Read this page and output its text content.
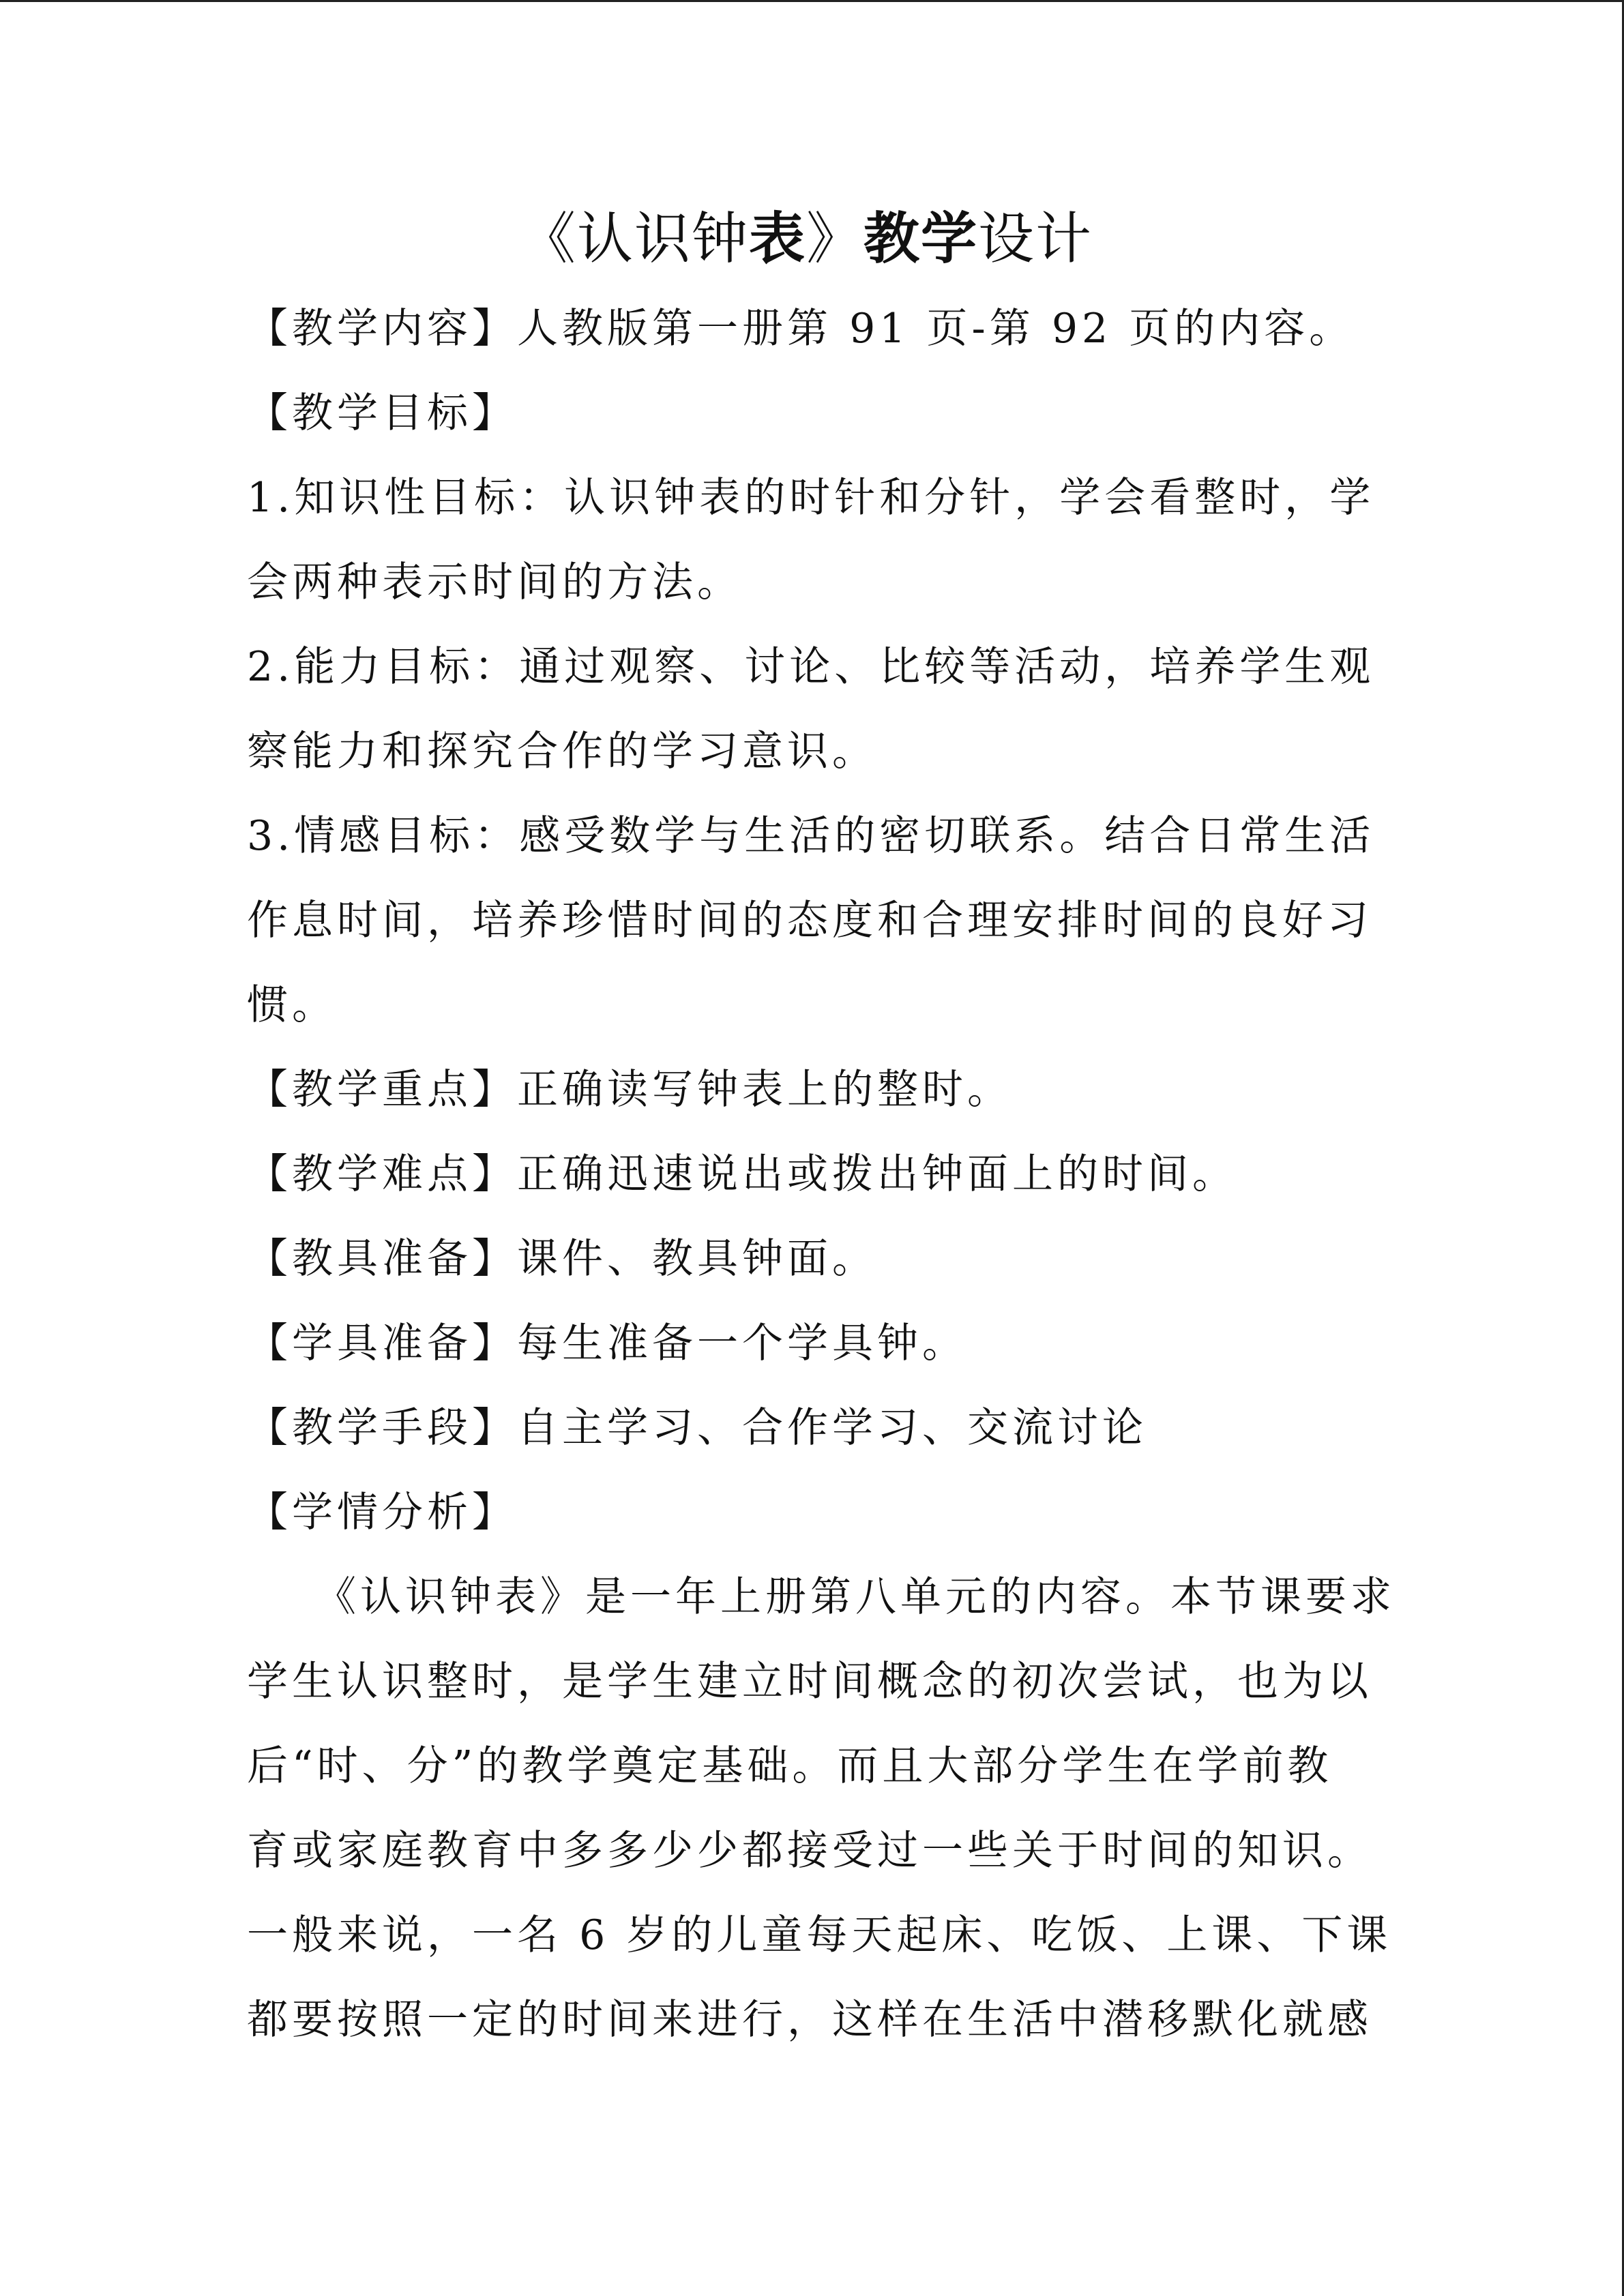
《认识钟表》教学设计

【教学内容】人教版第一册第 91 页-第 92 页的内容。

【教学目标】

1.知识性目标：认识钟表的时针和分针，学会看整时，学

会两种表示时间的方法。

2.能力目标：通过观察、讨论、比较等活动，培养学生观

察能力和探究合作的学习意识。

3.情感目标：感受数学与生活的密切联系。结合日常生活

作息时间，培养珍惜时间的态度和合理安排时间的良好习

惯。

【教学重点】正确读写钟表上的整时。

【教学难点】正确迅速说出或拨出钟面上的时间。

【教具准备】课件、教具钟面。

【学具准备】每生准备一个学具钟。

【教学手段】自主学习、合作学习、交流讨论

【学情分析】

《认识钟表》是一年上册第八单元的内容。本节课要求

学生认识整时，是学生建立时间概念的初次尝试，也为以

后“时、分”的教学奠定基础。而且大部分学生在学前教

育或家庭教育中多多少少都接受过一些关于时间的知识。

一般来说，一名 6 岁的儿童每天起床、吃饭、上课、下课

都要按照一定的时间来进行，这样在生活中潜移默化就感
